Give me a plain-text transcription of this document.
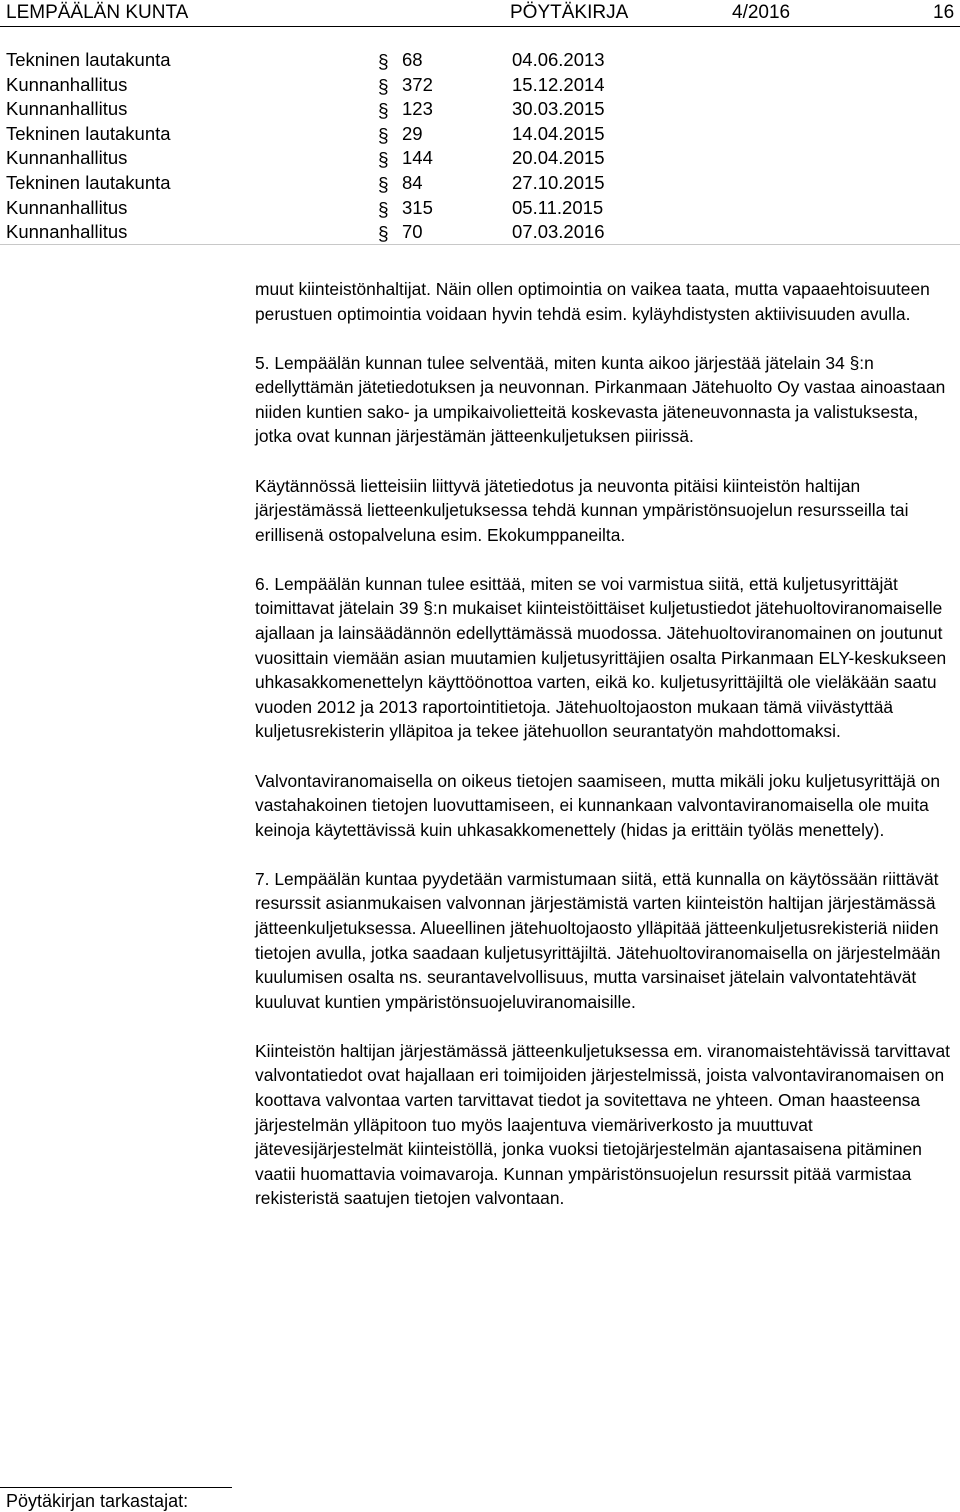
LEMPÄÄLÄN KUNTA	PÖYTÄKIRJA	4/2016	16
Tekninen lautakunta	§ 68	04.06.2013
Kunnanhallitus	§ 372	15.12.2014
Kunnanhallitus	§ 123	30.03.2015
Tekninen lautakunta	§ 29	14.04.2015
Kunnanhallitus	§ 144	20.04.2015
Tekninen lautakunta	§ 84	27.10.2015
Kunnanhallitus	§ 315	05.11.2015
Kunnanhallitus	§ 70	07.03.2016

muut kiinteistönhaltijat. Näin ollen optimointia on vaikea taata, mutta vapaaehtoisuuteen perustuen optimointia voidaan hyvin tehdä esim. kyläyhdistysten aktiivisuuden avulla.

5. Lempäälän kunnan tulee selventää, miten kunta aikoo järjestää jätelain 34 §:n edellyttämän jätetiedotuksen ja neuvonnan. Pirkanmaan Jätehuolto Oy vastaa ainoastaan niiden kuntien sako- ja umpikaivolietteitä koskevasta jäteneuvonnasta ja valistuksesta, jotka ovat kunnan järjestämän jätteenkuljetuksen piirissä.

Käytännössä lietteisiin liittyvä jätetiedotus ja neuvonta pitäisi kiinteistön haltijan järjestämässä lietteenkuljetuksessa tehdä kunnan ympäristönsuojelun resursseilla tai erillisenä ostopalveluna esim. Ekokumppaneilta.

6. Lempäälän kunnan tulee esittää, miten se voi varmistua siitä, että kuljetusyrittäjät toimittavat jätelain 39 §:n mukaiset kiinteistöittäiset kuljetustiedot jätehuoltoviranomaiselle ajallaan ja lainsäädännön edellyttämässä muodossa. Jätehuoltoviranomainen on joutunut vuosittain viemään asian muutamien kuljetusyrittäjien osalta Pirkanmaan ELY-keskukseen uhkasakkomenettelyn käyttöönottoa varten, eikä ko. kuljetusyrittäjiltä ole vieläkään saatu vuoden 2012 ja 2013 raportointitietoja. Jätehuoltojaoston mukaan tämä viivästyttää kuljetusrekisterin ylläpitoa ja tekee jätehuollon seurantatyön mahdottomaksi.

Valvontaviranomaisella on oikeus tietojen saamiseen, mutta mikäli joku kuljetusyrittäjä on vastahakoinen tietojen luovuttamiseen, ei kunnankaan valvontaviranomaisella ole muita keinoja käytettävissä kuin uhkasakkomenettely (hidas ja erittäin työläs menettely).

7. Lempäälän kuntaa pyydetään varmistumaan siitä, että kunnalla on käytössään riittävät resurssit asianmukaisen valvonnan järjestämistä varten kiinteistön haltijan järjestämässä jätteenkuljetuksessa. Alueellinen jätehuoltojaosto ylläpitää jätteenkuljetusrekisteriä niiden tietojen avulla, jotka saadaan kuljetusyrittäjiltä. Jätehuoltoviranomaisella on järjestelmään kuulumisen osalta ns. seurantavelvollisuus, mutta varsinaiset jätelain valvontatehtävät kuuluvat kuntien ympäristönsuojeluviranomaisille.

Kiinteistön haltijan järjestämässä jätteenkuljetuksessa em. viranomaistehtävissä tarvittavat valvontatiedot ovat hajallaan eri toimijoiden järjestelmissä, joista valvontaviranomaisen on koottava valvontaa varten tarvittavat tiedot ja sovitettava ne yhteen. Oman haasteensa järjestelmän ylläpitoon tuo myös laajentuva viemäriverkosto ja muuttuvat jätevesijärjestelmät kiinteistöllä, jonka vuoksi tietojärjestelmän ajantasaisena pitäminen vaatii huomattavia voimavaroja. Kunnan ympäristönsuojelun resurssit pitää varmistaa rekisteristä saatujen tietojen valvontaan.

Pöytäkirjan tarkastajat:
